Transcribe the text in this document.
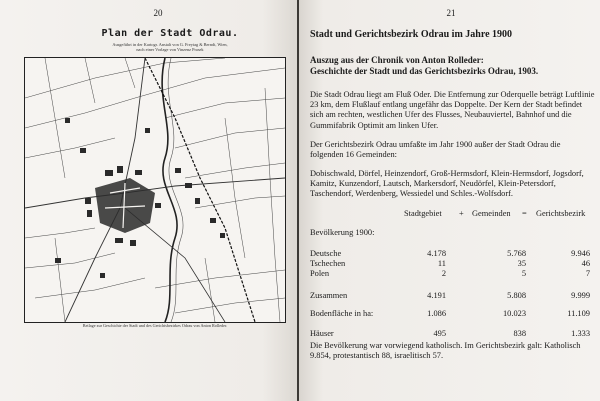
20
Plan der Stadt Odrau.
Ausgeführt in der Kartogr. Anstalt von G. Freytag & Berndt, Wien,
nach einer Vorlage von Vinzenz Prasek
Beilage zur Geschichte der Stadt und des Gerichtsbezirkes Odrau von Anton Rolleder.
21
Stadt und Gerichtsbezirk Odrau im Jahre 1900
Auszug aus der Chronik von Anton Rolleder:
Geschichte der Stadt und das Gerichtsbezirks Odrau, 1903.
Die Stadt Odrau liegt am Fluß Oder. Die Entfernung zur Oderquelle beträgt Luftlinie 23 km, dem Flußlauf entlang ungefähr das Doppelte. Der Kern der Stadt befindet sich am rechten, westlichen Ufer des Flusses, Neubauviertel, Bahnhof und die Gummifabrik Optimit am linken Ufer.
Der Gerichtsbezirk Odrau umfaßte im Jahr 1900 außer der Stadt Odrau die folgenden 16 Gemeinden:
Dobischwald, Dörfel, Heinzendorf, Groß-Hermsdorf, Klein-Hermsdorf, Jogsdorf, Kamitz, Kunzendorf, Lautsch, Markersdorf, Neudörfel, Klein-Petersdorf, Taschendorf, Werdenberg, Wessiedel und Schles.-Wolfsdorf.
Stadtgebiet + Gemeinden = Gerichtsbezirk
Bevölkerung 1900:
Deutsche	4.178	5.768	9.946
Tschechen	11	35	46
Polen	2	5	7
Zusammen	4.191	5.808	9.999
Bodenfläche in ha:	1.086	10.023	11.109
Häuser	495	838	1.333
Die Bevölkerung war vorwiegend katholisch. Im Gerichtsbezirk galt: Katholisch 9.854, protestantisch 88, israelitisch 57.
